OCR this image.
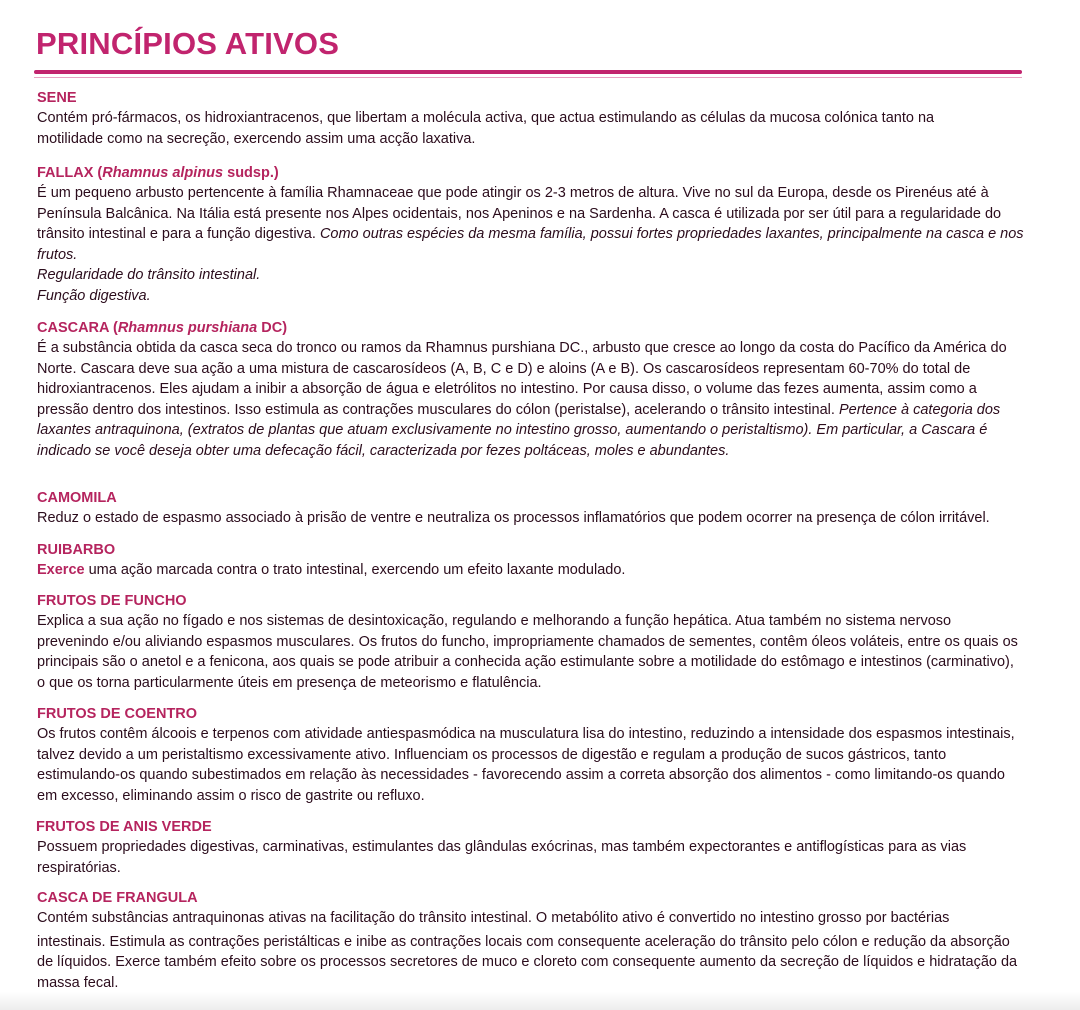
PRINCÍPIOS ATIVOS
SENE
Contém pró-fármacos, os hidroxiantracenos, que libertam a molécula activa, que actua estimulando as células da mucosa colónica tanto na motilidade como na secreção, exercendo assim uma acção laxativa.
FALLAX (Rhamnus alpinus sudsp.)

É um pequeno arbusto pertencente à família Rhamnaceae que pode atingir os 2-3 metros de altura. Vive no sul da Europa, desde os Pirenéus até à Península Balcânica. Na Itália está presente nos Alpes ocidentais, nos Apeninos e na Sardenha. A casca é utilizada por ser útil para a regularidade do trânsito intestinal e para a função digestiva. Como outras espécies da mesma família, possui fortes propriedades laxantes, principalmente na casca e nos frutos.

Regularidade do trânsito intestinal.

Função digestiva.

CASCARA (Rhamnus purshiana DC)

É a substância obtida da casca seca do tronco ou ramos da Rhamnus purshiana DC., arbusto que cresce ao longo da costa do Pacífico da América do Norte. Cascara deve sua ação a uma mistura de cascarosídeos (A, B, C e D) e aloins (A e B). Os cascarosídeos representam 60-70% do total de hidroxiantracenos. Eles ajudam a inibir a absorção de água e eletrólitos no intestino. Por causa disso, o volume das fezes aumenta, assim como a pressão dentro dos intestinos. Isso estimula as contrações musculares do cólon (peristalse), acelerando o trânsito intestinal. Pertence à categoria dos laxantes antraquinona, (extratos de plantas que atuam exclusivamente no intestino grosso, aumentando o peristaltismo). Em particular, a Cascara é indicado se você deseja obter uma defecação fácil, caracterizada por fezes poltáceas, moles e abundantes.

CAMOMILA
Reduz o estado de espasmo associado à prisão de ventre e neutraliza os processos inflamatórios que podem ocorrer na presença de cólon irritável.
RUIBARBO
Exerce uma ação marcada contra o trato intestinal, exercendo um efeito laxante modulado.
FRUTOS DE FUNCHO
Explica a sua ação no fígado e nos sistemas de desintoxicação, regulando e melhorando a função hepática. Atua também no sistema nervoso prevenindo e/ou aliviando espasmos musculares. Os frutos do funcho, impropriamente chamados de sementes, contêm óleos voláteis, entre os quais os principais são o anetol e a fenicona, aos quais se pode atribuir a conhecida ação estimulante sobre a motilidade do estômago e intestinos (carminativo), o que os torna particularmente úteis em presença de meteorismo e flatulência.
FRUTOS DE COENTRO
Os frutos contêm álcoois e terpenos com atividade antiespasmódica na musculatura lisa do intestino, reduzindo a intensidade dos espasmos intestinais, talvez devido a um peristaltismo excessivamente ativo. Influenciam os processos de digestão e regulam a produção de sucos gástricos, tanto estimulando-os quando subestimados em relação às necessidades - favorecendo assim a correta absorção dos alimentos - como limitando-os quando em excesso, eliminando assim o risco de gastrite ou refluxo.
FRUTOS DE ANIS VERDE
Possuem propriedades digestivas, carminativas, estimulantes das glândulas exócrinas, mas também expectorantes e antiflogísticas para as vias respiratórias.
CASCA DE FRANGULA

Contém substâncias antraquinonas ativas na facilitação do trânsito intestinal. O metabólito ativo é convertido no intestino grosso por bactérias

intestinais. Estimula as contrações peristálticas e inibe as contrações locais com consequente aceleração do trânsito pelo cólon e redução da absorção de líquidos. Exerce também efeito sobre os processos secretores de muco e cloreto com consequente aumento da secreção de líquidos e hidratação da massa fecal.
